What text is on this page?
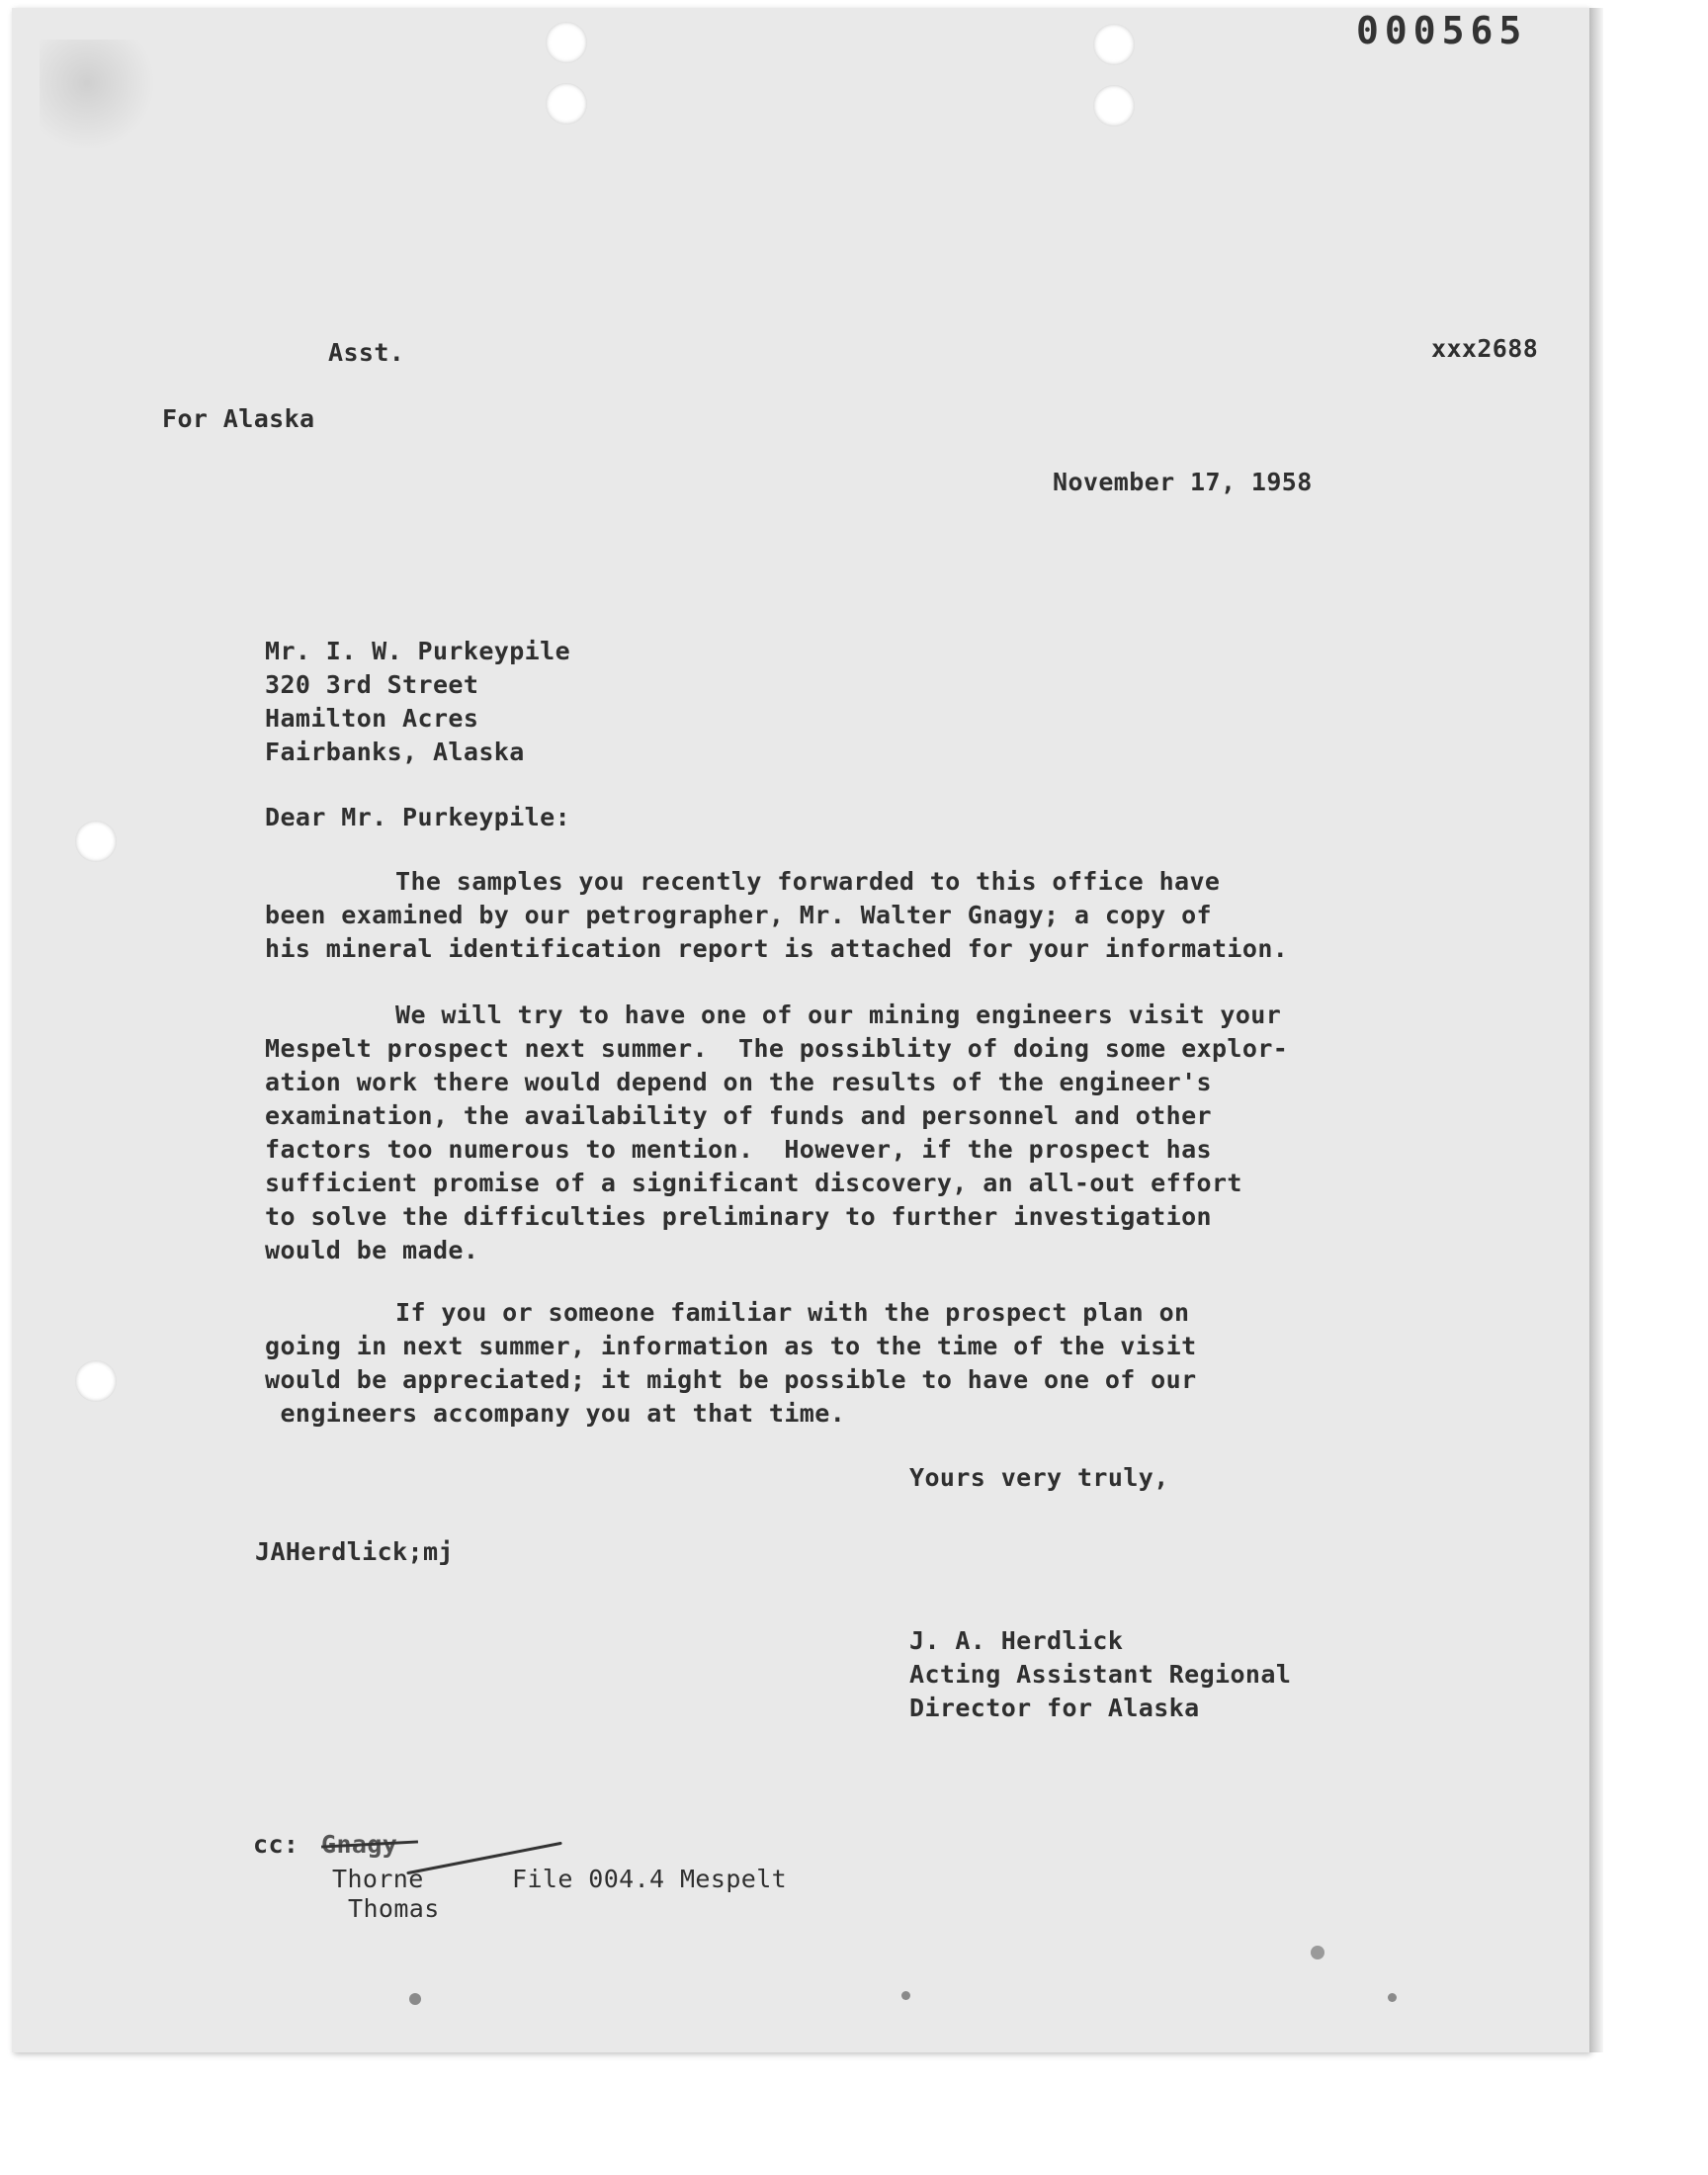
000565
Asst.
For Alaska
xxx2688
November 17, 1958
Mr. I. W. Purkeypile
320 3rd Street
Hamilton Acres
Fairbanks, Alaska
Dear Mr. Purkeypile:
The samples you recently forwarded to this office have
been examined by our petrographer, Mr. Walter Gnagy; a copy of
his mineral identification report is attached for your information.
We will try to have one of our mining engineers visit your
Mespelt prospect next summer.  The possiblity of doing some explor-
ation work there would depend on the results of the engineer's
examination, the availability of funds and personnel and other
factors too numerous to mention.  However, if the prospect has
sufficient promise of a significant discovery, an all-out effort
to solve the difficulties preliminary to further investigation
would be made.
If you or someone familiar with the prospect plan on
going in next summer, information as to the time of the visit
would be appreciated; it might be possible to have one of our
engineers accompany you at that time.
Yours very truly,
JAHerdlick;mj
J. A. Herdlick
Acting Assistant Regional
Director for Alaska
cc:
Thorne	File 004.4 Mespelt
Thomas
